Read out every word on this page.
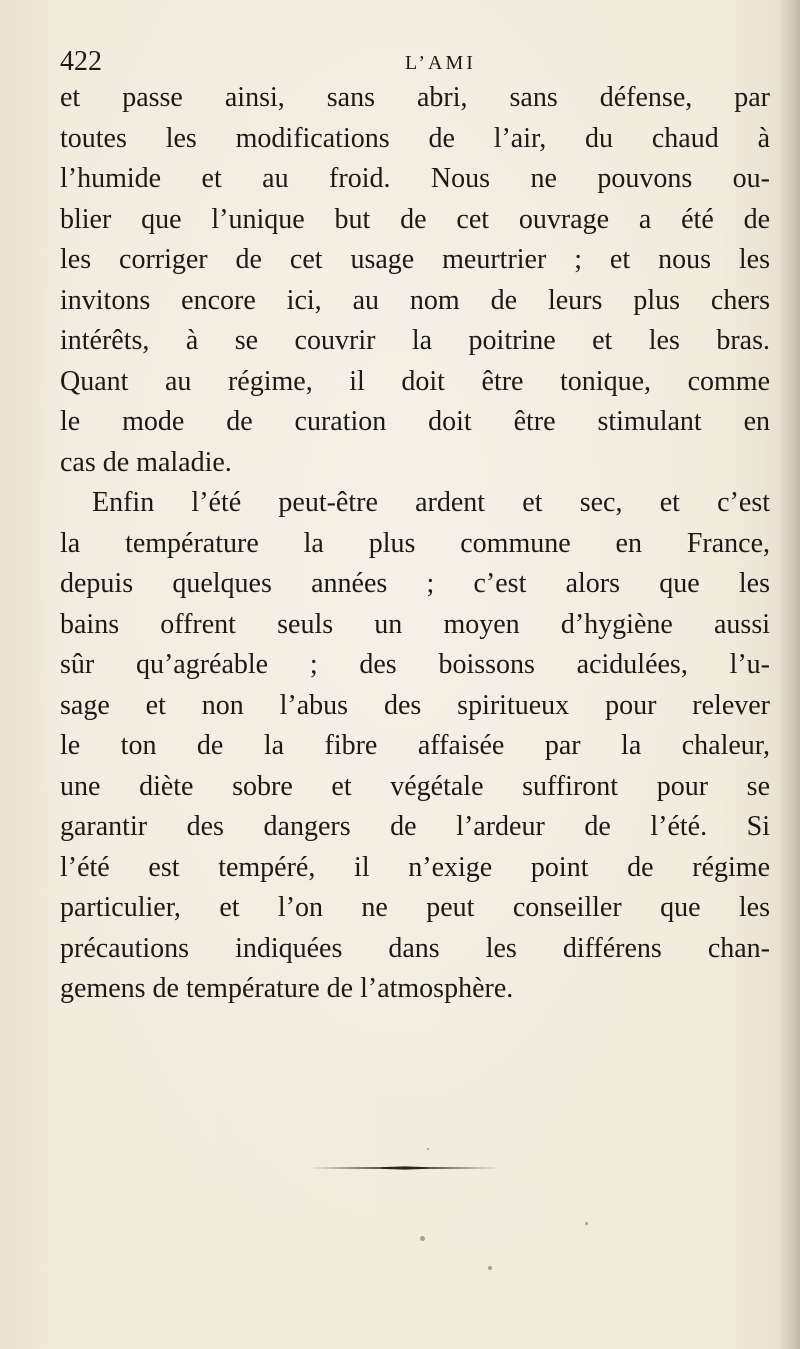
422	L’AMI
et passe ainsi, sans abri, sans défense, par
toutes les modifications de l’air, du chaud à
l’humide et au froid. Nous ne pouvons ou-
blier que l’unique but de cet ouvrage a été de
les corriger de cet usage meurtrier ; et nous les
invitons encore ici, au nom de leurs plus chers
intérêts, à se couvrir la poitrine et les bras.
Quant au régime, il doit être tonique, comme
le mode de curation doit être stimulant en
cas de maladie.
Enfin l’été peut-être ardent et sec, et c’est
la température la plus commune en France,
depuis quelques années ; c’est alors que les
bains offrent seuls un moyen d’hygiène aussi
sûr qu’agréable ; des boissons acidulées, l’u-
sage et non l’abus des spiritueux pour relever
le ton de la fibre affaisée par la chaleur,
une diète sobre et végétale suffiront pour se
garantir des dangers de l’ardeur de l’été. Si
l’été est tempéré, il n’exige point de régime
particulier, et l’on ne peut conseiller que les
précautions indiquées dans les différens chan-
gemens de température de l’atmosphère.
